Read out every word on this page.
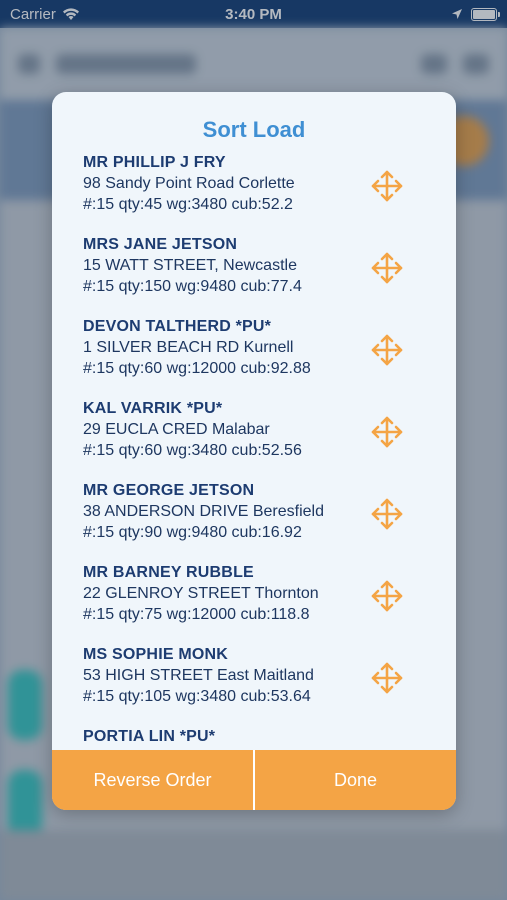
Carrier	3:40 PM
Sort Load
MR PHILLIP J FRY
98 Sandy Point Road Corlette
#:15 qty:45 wg:3480 cub:52.2
MRS JANE JETSON
15 WATT STREET, Newcastle
#:15 qty:150 wg:9480 cub:77.4
DEVON TALTHERD *PU*
1 SILVER BEACH RD Kurnell
#:15 qty:60 wg:12000 cub:92.88
KAL VARRIK *PU*
29 EUCLA CRED Malabar
#:15 qty:60 wg:3480 cub:52.56
MR GEORGE JETSON
38 ANDERSON DRIVE Beresfield
#:15 qty:90 wg:9480 cub:16.92
MR BARNEY RUBBLE
22 GLENROY STREET Thornton
#:15 qty:75 wg:12000 cub:118.8
MS SOPHIE MONK
53 HIGH STREET East Maitland
#:15 qty:105 wg:3480 cub:53.64
PORTIA LIN *PU*
Reverse Order	Done
